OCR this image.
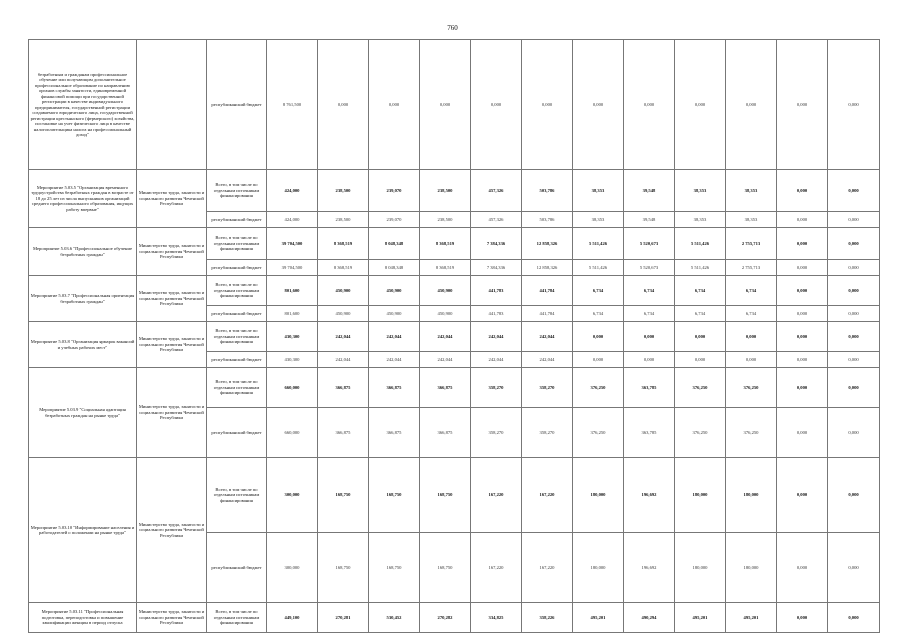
760
безработным и гражданам профессиональное обучение или получающим дополнительное профессиональное образование по направлению органов службы занятости, единовременной финансовой помощи при государственной регистрации в качестве индивидуального предпринимателя, государственной регистрации создаваемого юридического лица, государственной регистрации крестьянского (фермерского) хозяйства, постановке на учет физического лица в качестве налогоплательщика налога на профессиональный доход"		республиканский бюджет	8 761,500	0,000	0,000	0,000	0,000	0,000	0,000	0,000	0,000	0,000	0,000	0,000
Мероприятие 5.03.5 "Организация временного трудоустройства безработных граждан в возрасте от 18 до 25 лет из числа выпускников организаций среднего профессионального образования, ищущих работу впервые"	Министерство труда, занятости и социального развития Чеченской Республики	Всего, в том числе по отдельным источникам финансирования	424,000	238,500	239,070	238,500	457,326	503,786	38,353	39,548	38,353	38,353	0,000	0,000
		республиканский бюджет	424,000	238,500	239,070	238,500	457,326	503,786	38,353	39,548	38,353	38,353	0,000	0,000
Мероприятие 5.03.6 "Профессиональное обучение безработных граждан"	Министерство труда, занятости и социального развития Чеченской Республики	Всего, в том числе по отдельным источникам финансирования	39 704,500	8 368,519	8 048,348	8 368,519	7 384,336	12 858,326	5 511,426	5 520,673	5 511,426	2 755,713	0,000	0,000
		республиканский бюджет	39 704,500	8 368,519	8 048,348	8 368,519	7 384,336	12 858,326	5 511,426	5 520,673	5 511,426	2 755,713	0,000	0,000
Мероприятие 5.03.7 "Профессиональная ориентация безработных граждан"	Министерство труда, занятости и социального развития Чеченской Республики	Всего, в том числе по отдельным источникам финансирования	801,600	450,900	450,900	450,900	441,783	441,784	6,734	6,734	6,734	6,734	0,000	0,000
		республиканский бюджет	801,600	450,900	450,900	450,900	441,783	441,784	6,734	6,734	6,734	6,734	0,000	0,000
Мероприятие 5.03.8 "Организация ярмарок вакансий и учебных рабочих мест"	Министерство труда, занятости и социального развития Чеченской Республики	Всего, в том числе по отдельным источникам финансирования	430,300	242,044	242,044	242,044	242,044	242,044	0,000	0,000	0,000	0,000	0,000	0,000
		республиканский бюджет	430,300	242,044	242,044	242,044	242,044	242,044	0,000	0,000	0,000	0,000	0,000	0,000
Мероприятие 5.03.9 "Социальная адаптация безработных граждан на рынке труда"	Министерство труда, занятости и социального развития Чеченской Республики	Всего, в том числе по отдельным источникам финансирования	660,000	366,875	366,875	366,875	358,270	358,270	376,250	363,785	376,250	376,250	0,000	0,000
		республиканский бюджет	660,000	366,875	366,875	366,875	358,270	358,270	376,250	363,785	376,250	376,250	0,000	0,000
Мероприятие 5.03.10 "Информирование населения и работодателей о положении на рынке труда"	Министерство труда, занятости и социального развития Чеченской Республики	Всего, в том числе по отдельным источникам финансирования	300,000	168,750	168,750	168,750	167,220	167,220	180,000	196,692	180,000	180,000	0,000	0,000
		республиканский бюджет	300,000	168,750	168,750	168,750	167,220	167,220	180,000	196,692	180,000	180,000	0,000	0,000
Мероприятие 5.03.11 "Профессиональная подготовка, переподготовка и повышение квалификации женщин в период отпуска	Министерство труда, занятости и социального развития Чеченской Республики	Всего, в том числе по отдельным источникам финансирования	449,100	270,281	530,452	270,282	334,825	358,226	495,201	490,294	495,201	495,201	0,000	0,000
